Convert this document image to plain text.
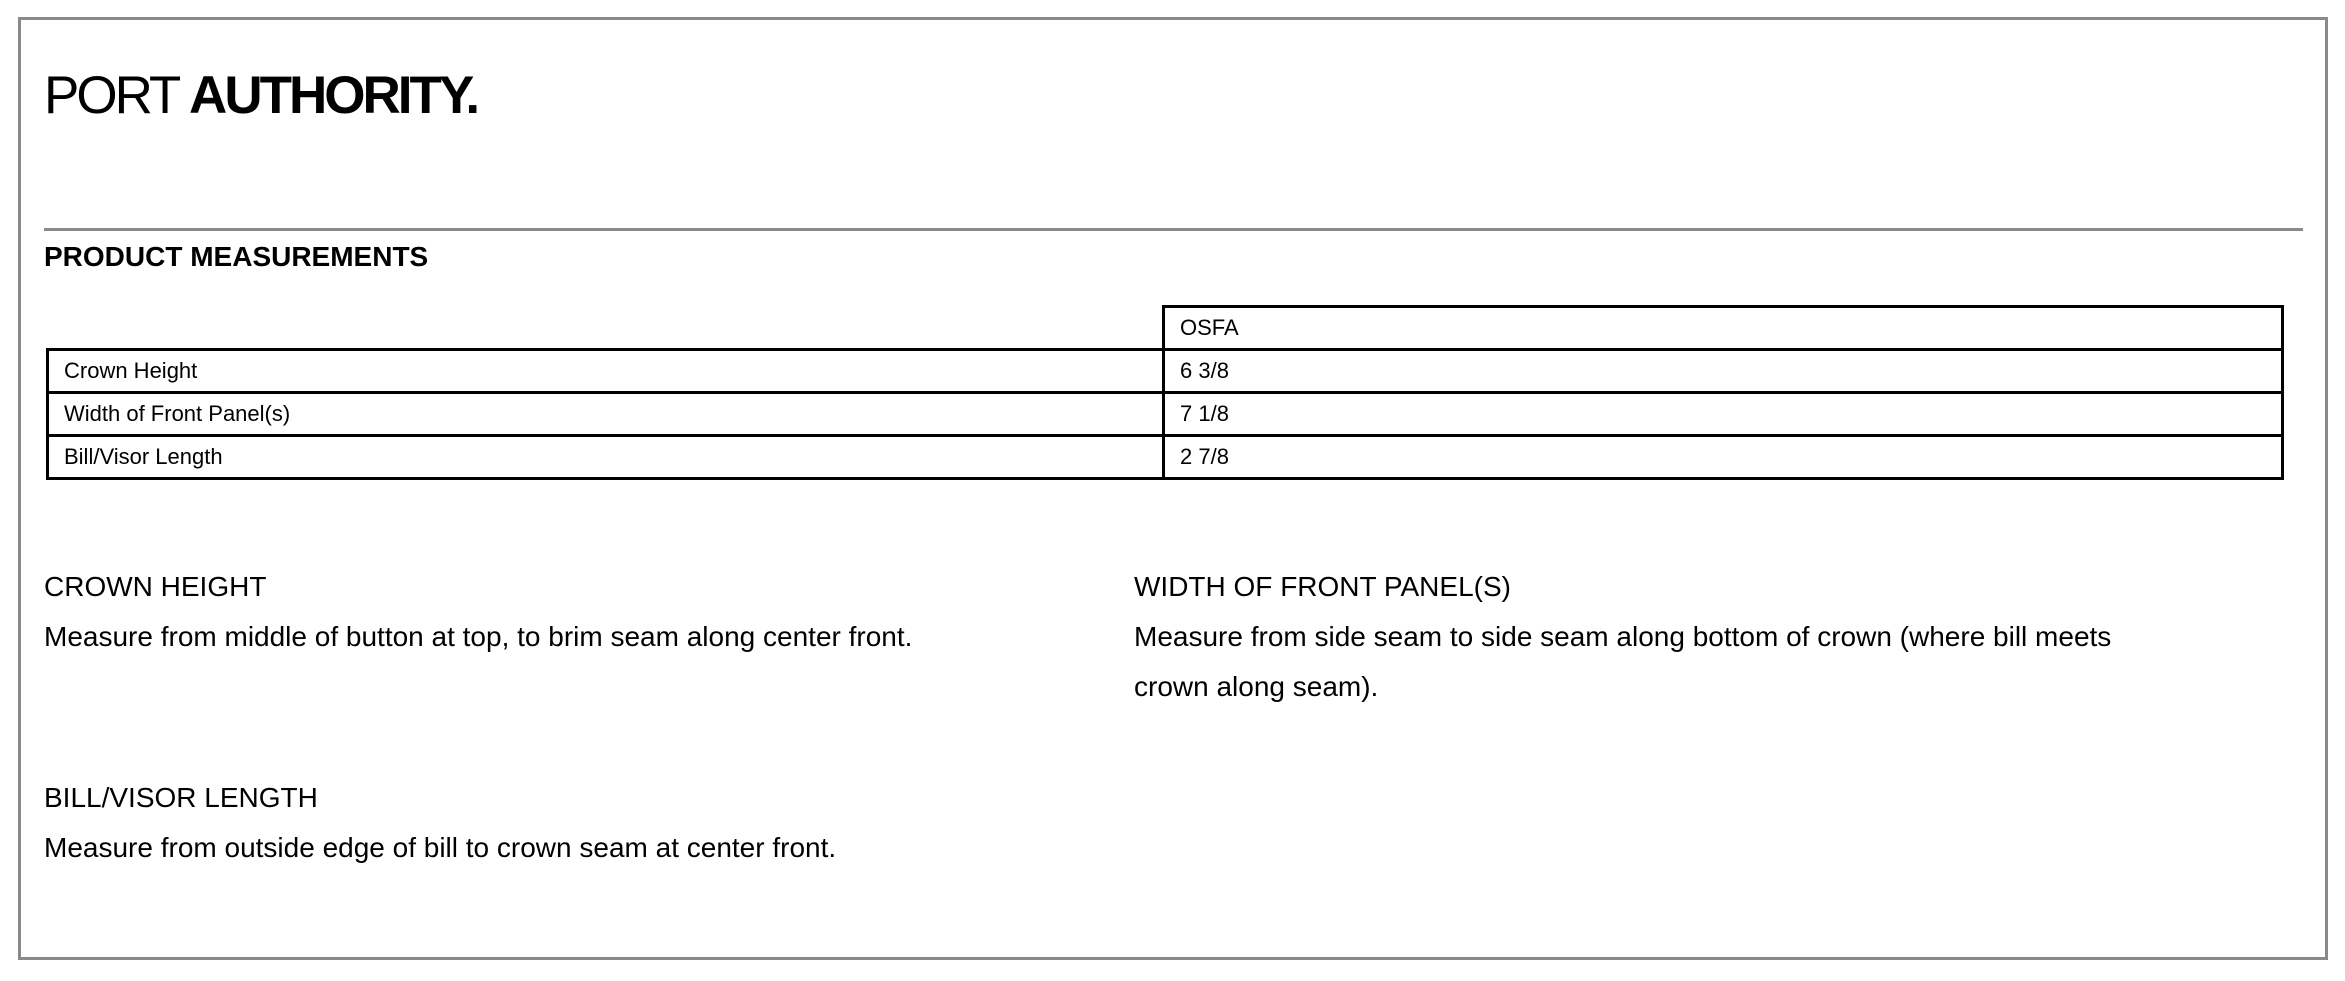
PORT AUTHORITY.
PRODUCT MEASUREMENTS
	OSFA
Crown Height	6 3/8
Width of Front Panel(s)	7 1/8
Bill/Visor Length	2 7/8
CROWN HEIGHT
Measure from middle of button at top, to brim seam along center front.
WIDTH OF FRONT PANEL(S)
Measure from side seam to side seam along bottom of crown (where bill meets crown along seam).
BILL/VISOR LENGTH
Measure from outside edge of bill to crown seam at center front.
